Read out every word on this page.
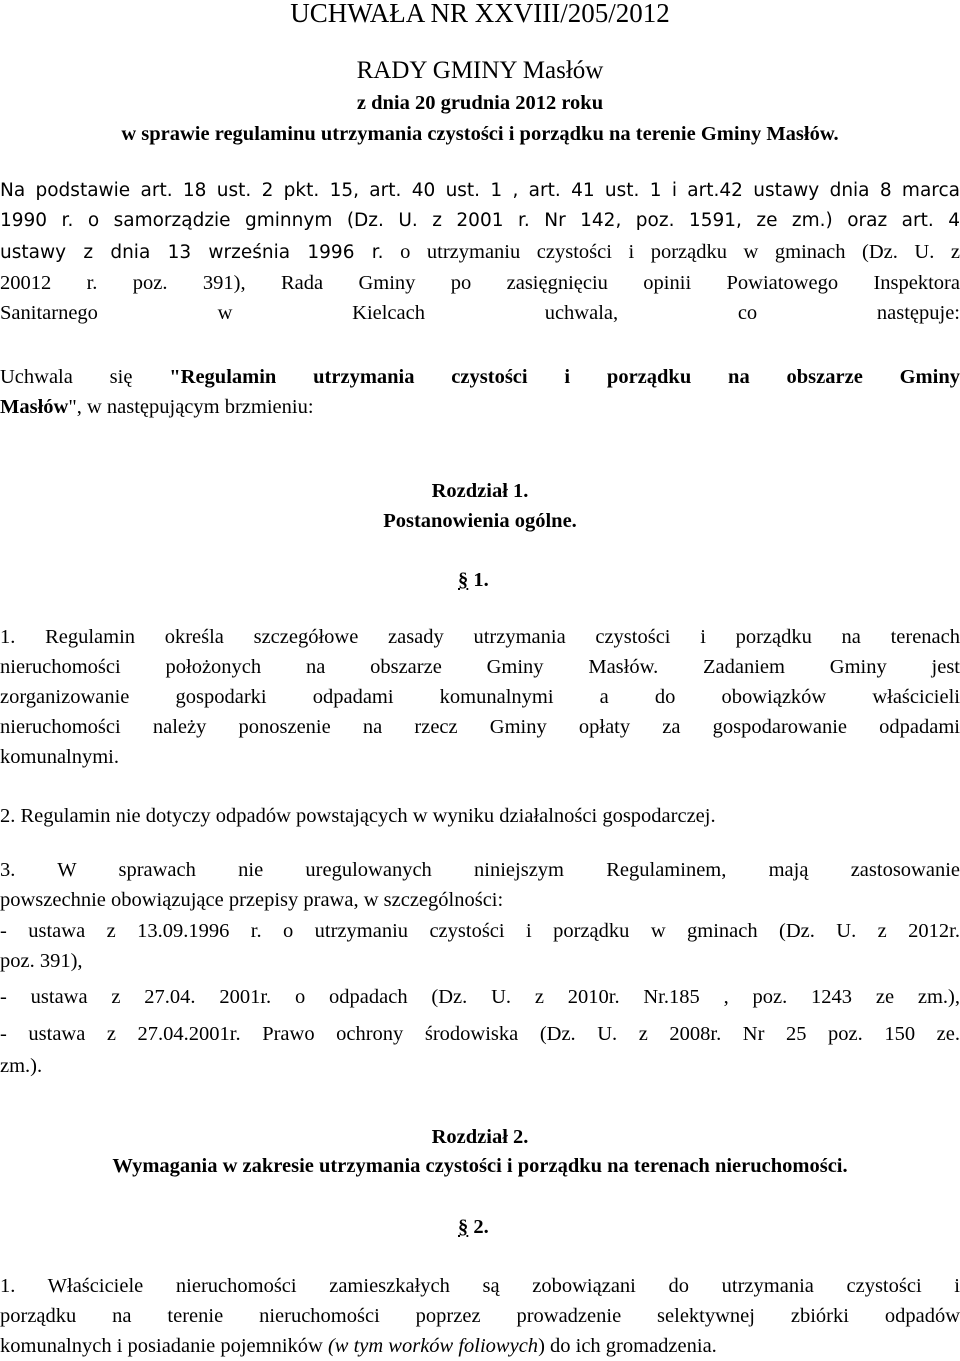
UCHWAŁA NR XXVIII/205/2012
RADY GMINY Masłów
z dnia 20 grudnia 2012 roku
w sprawie regulaminu utrzymania czystości i porządku na terenie Gminy Masłów.
Na podstawie art. 18 ust. 2 pkt. 15, art. 40 ust. 1 , art. 41 ust. 1 i art.42 ustawy dnia 8 marca
1990 r. o samorządzie gminnym (Dz. U. z 2001 r. Nr 142, poz. 1591, ze zm.) oraz art. 4
ustawy z dnia 13 września 1996 r. o utrzymaniu czystości i porządku w gminach (Dz. U. z
20012 r. poz. 391), Rada Gminy po zasięgnięciu opinii Powiatowego Inspektora
Sanitarnego w Kielcach uchwala, co następuje:
Uchwala się "Regulamin utrzymania czystości i porządku na obszarze Gminy
Masłów", w następującym brzmieniu:
Rozdział 1.
Postanowienia ogólne.
§ 1.
1. Regulamin określa szczegółowe zasady utrzymania czystości i porządku na terenach
nieruchomości położonych na obszarze Gminy Masłów. Zadaniem Gminy jest
zorganizowanie gospodarki odpadami komunalnymi a do obowiązków właścicieli
nieruchomości należy ponoszenie na rzecz Gminy opłaty za gospodarowanie odpadami
komunalnymi.
2. Regulamin nie dotyczy odpadów powstających w wyniku działalności gospodarczej.
3. W sprawach nie uregulowanych niniejszym Regulaminem, mają zastosowanie
powszechnie obowiązujące przepisy prawa, w szczególności:
- ustawa z 13.09.1996 r. o utrzymaniu czystości i porządku w gminach (Dz. U. z 2012r.
poz. 391),
- ustawa z 27.04. 2001r. o odpadach (Dz. U. z 2010r. Nr.185 , poz. 1243 ze zm.),
- ustawa z 27.04.2001r. Prawo ochrony środowiska (Dz. U. z 2008r. Nr 25 poz. 150 ze.
zm.).
Rozdział 2.
Wymagania w zakresie utrzymania czystości i porządku na terenach nieruchomości.
§ 2.
1. Właściciele nieruchomości zamieszkałych są zobowiązani do utrzymania czystości i
porządku na terenie nieruchomości poprzez prowadzenie selektywnej zbiórki odpadów
komunalnych i posiadanie pojemników (w tym worków foliowych) do ich gromadzenia.
